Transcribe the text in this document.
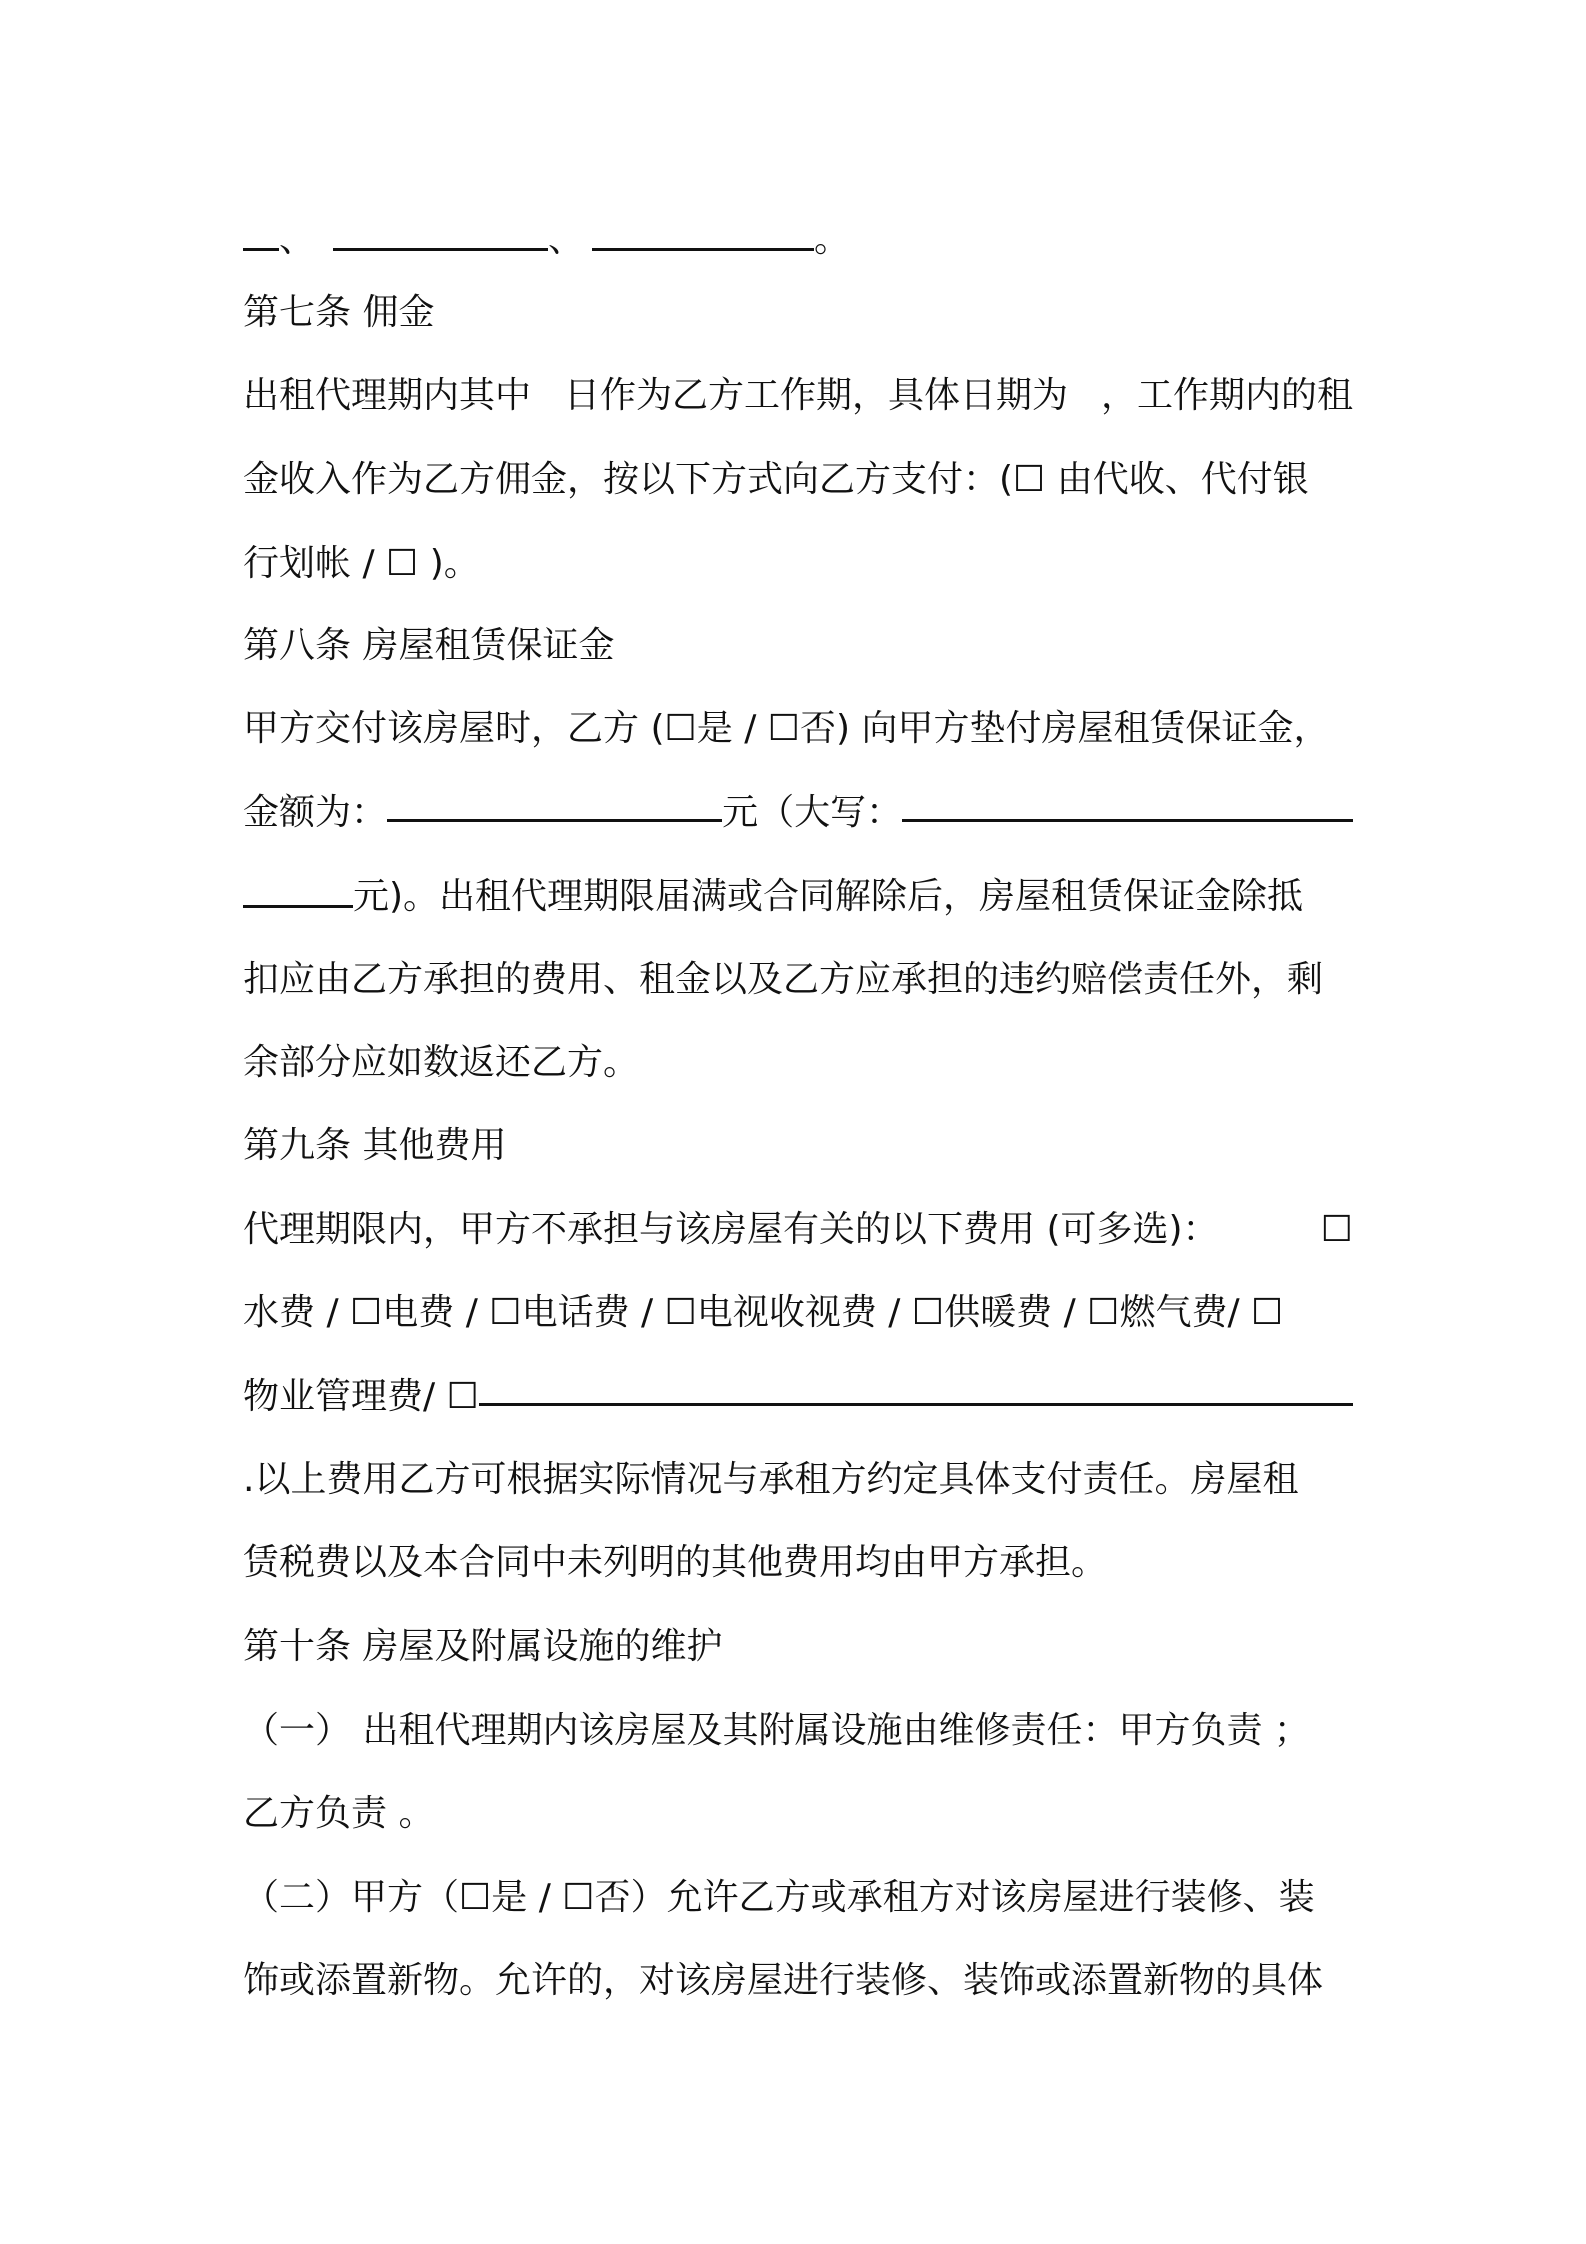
、	、	。
第七条 佣金
出租代理期内其中 日作为乙方工作期，具体日期为 ，工作期内的租
金收入作为乙方佣金，按以下方式向乙方支付：(☐ 由代收、代付银
行划帐 / ☐ )。
第八条 房屋租赁保证金
甲方交付该房屋时，乙方 (☐是 / ☐否) 向甲方垫付房屋租赁保证金，
金额为：	元（大写：
元)。出租代理期限届满或合同解除后，房屋租赁保证金除抵
扣应由乙方承担的费用、租金以及乙方应承担的违约赔偿责任外，剩
余部分应如数返还乙方。
第九条 其他费用
代理期限内，甲方不承担与该房屋有关的以下费用 (可多选)：	☐
水费 / ☐电费 / ☐电话费 / ☐电视收视费 / ☐供暖费 / ☐燃气费/ ☐
物业管理费/ ☐
.以上费用乙方可根据实际情况与承租方约定具体支付责任。房屋租
赁税费以及本合同中未列明的其他费用均由甲方承担。
第十条 房屋及附属设施的维护
（一） 出租代理期内该房屋及其附属设施由维修责任：甲方负责 ；
乙方负责 。
（二）甲方（☐是 / ☐否）允许乙方或承租方对该房屋进行装修、装
饰或添置新物。允许的，对该房屋进行装修、装饰或添置新物的具体
